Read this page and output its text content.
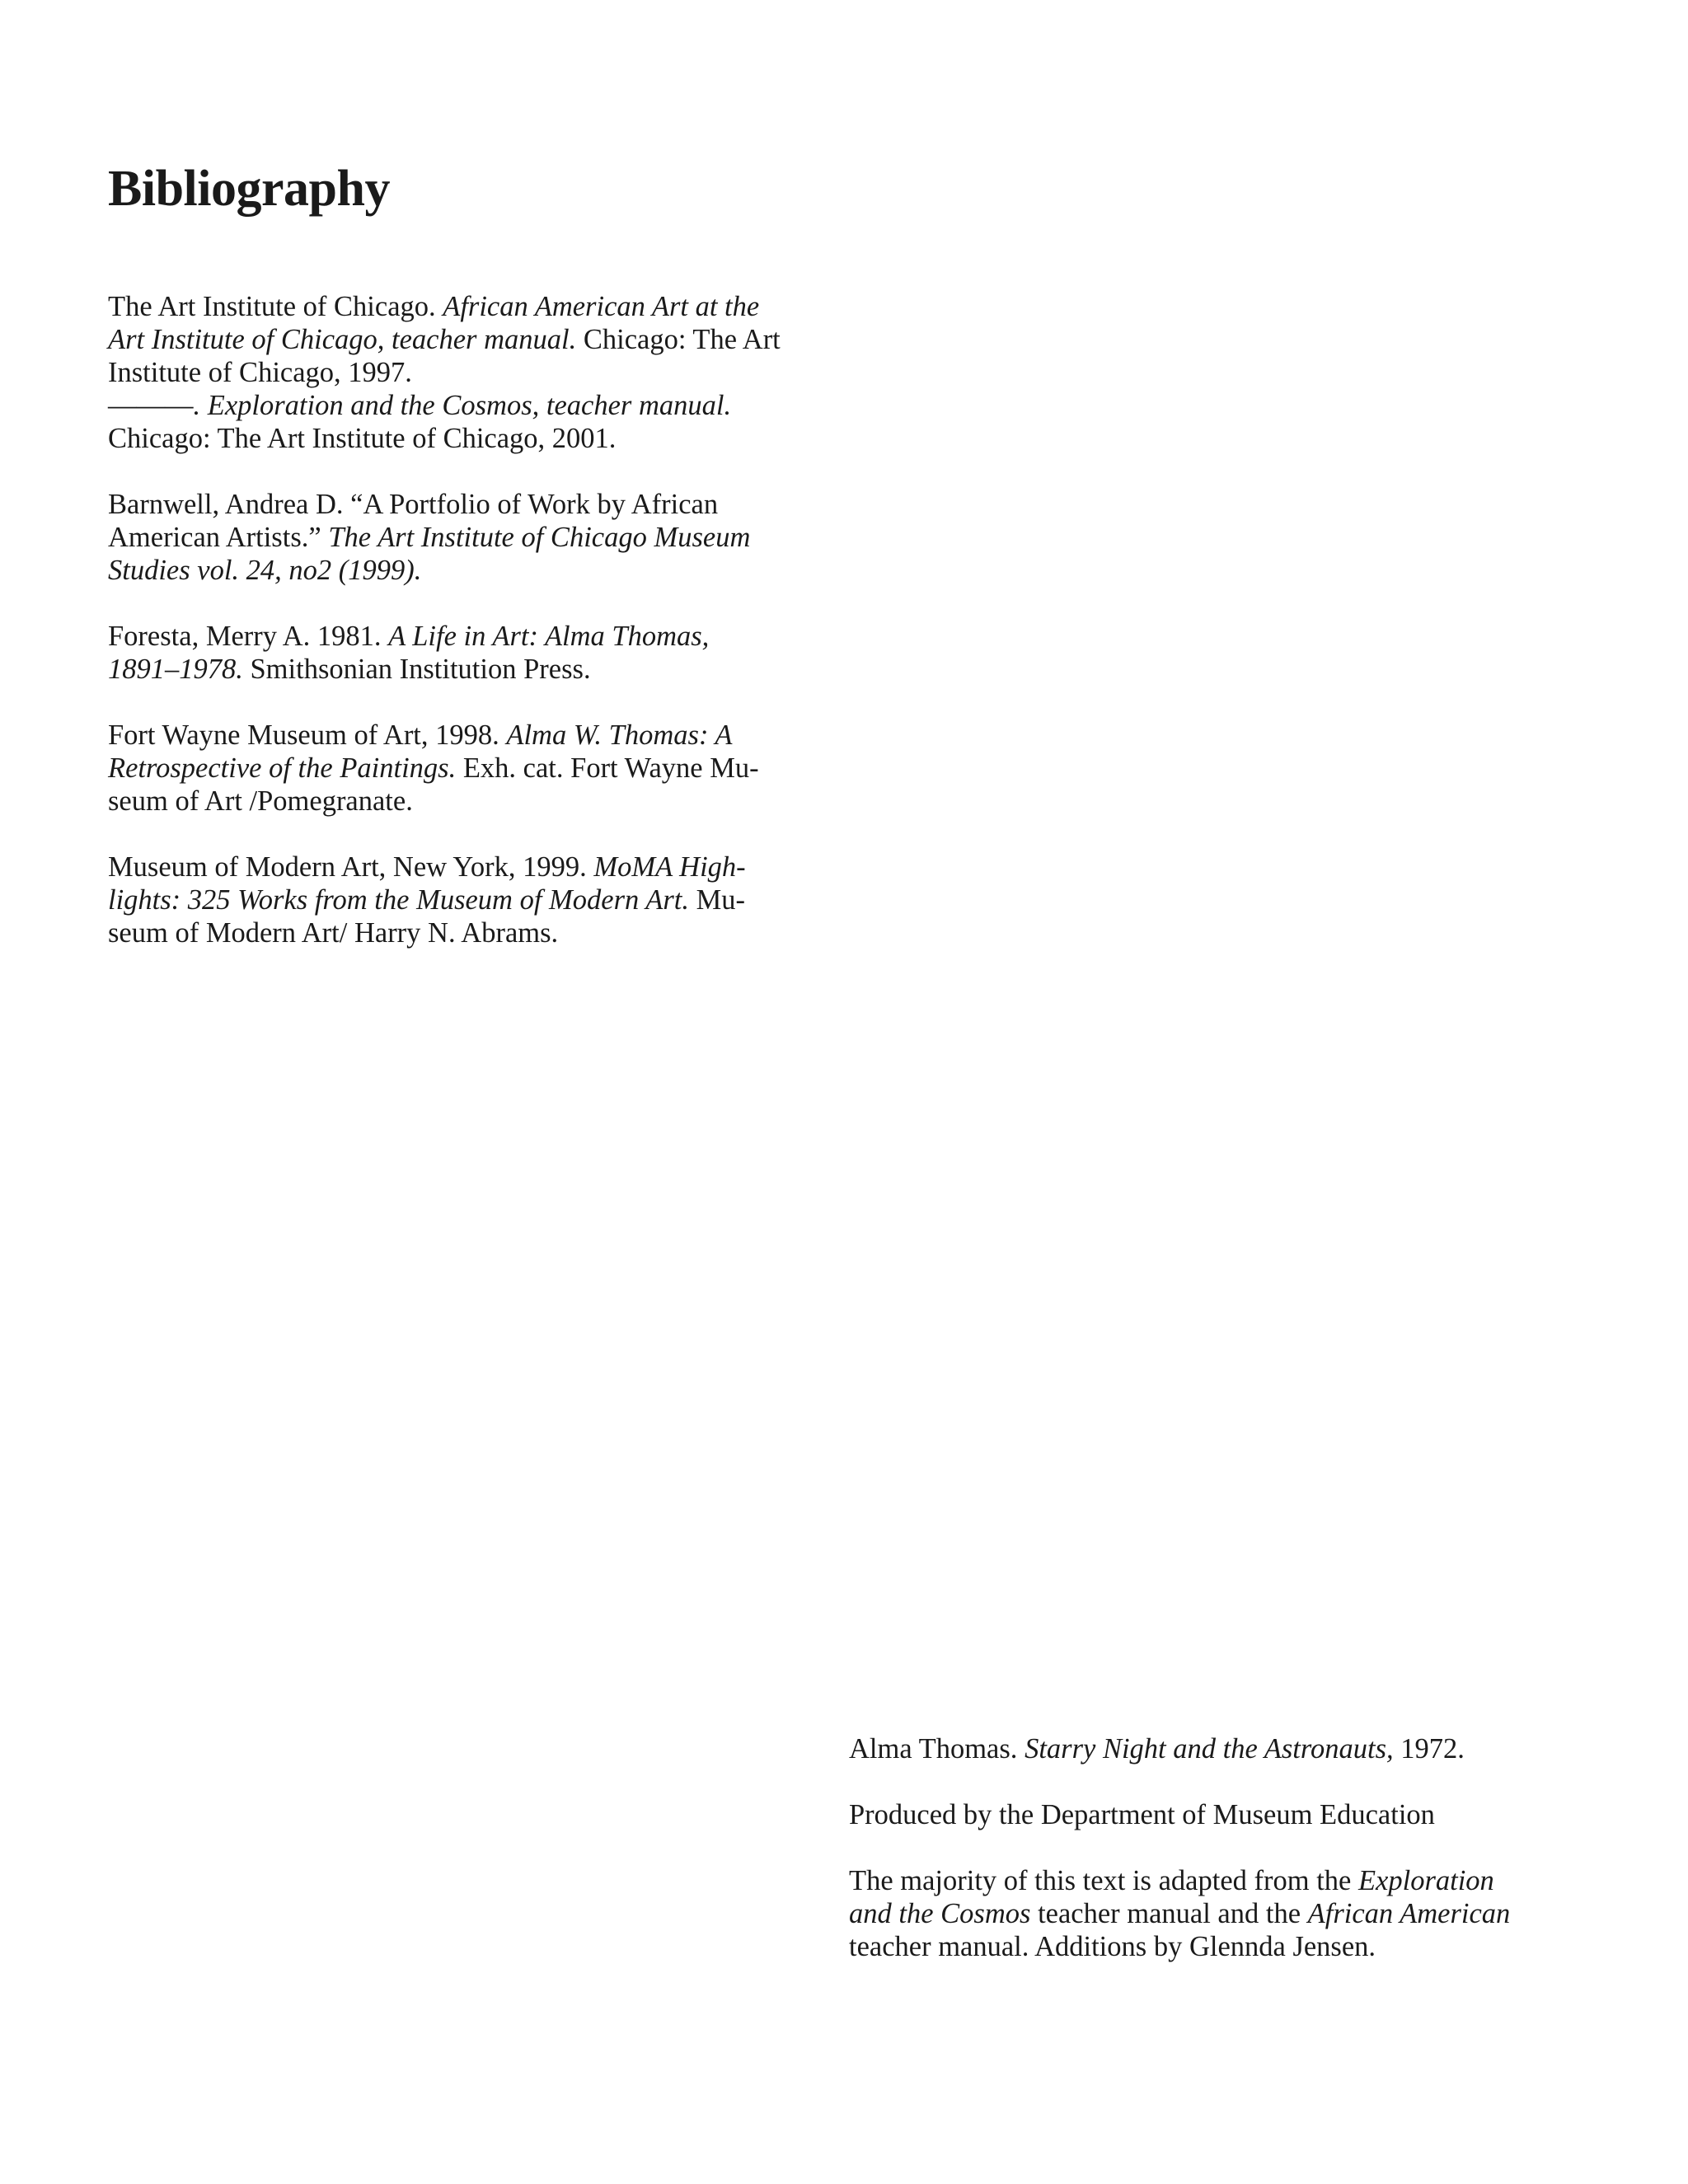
Bibliography

The Art Institute of Chicago. African American Art at the
Art Institute of Chicago, teacher manual. Chicago: The Art
Institute of Chicago, 1997.
———. Exploration and the Cosmos, teacher manual.
Chicago: The Art Institute of Chicago, 2001.

Barnwell, Andrea D. “A Portfolio of Work by African
American Artists.” The Art Institute of Chicago Museum
Studies vol. 24, no2 (1999).

Foresta, Merry A. 1981. A Life in Art: Alma Thomas,
1891–1978. Smithsonian Institution Press.

Fort Wayne Museum of Art, 1998. Alma W. Thomas: A
Retrospective of the Paintings. Exh. cat. Fort Wayne Mu-
seum of Art /Pomegranate.

Museum of Modern Art, New York, 1999. MoMA High-
lights: 325 Works from the Museum of Modern Art. Mu-
seum of Modern Art/ Harry N. Abrams.

Alma Thomas. Starry Night and the Astronauts, 1972.

Produced by the Department of Museum Education

The majority of this text is adapted from the Exploration
and the Cosmos teacher manual and the African American
teacher manual. Additions by Glennda Jensen.
